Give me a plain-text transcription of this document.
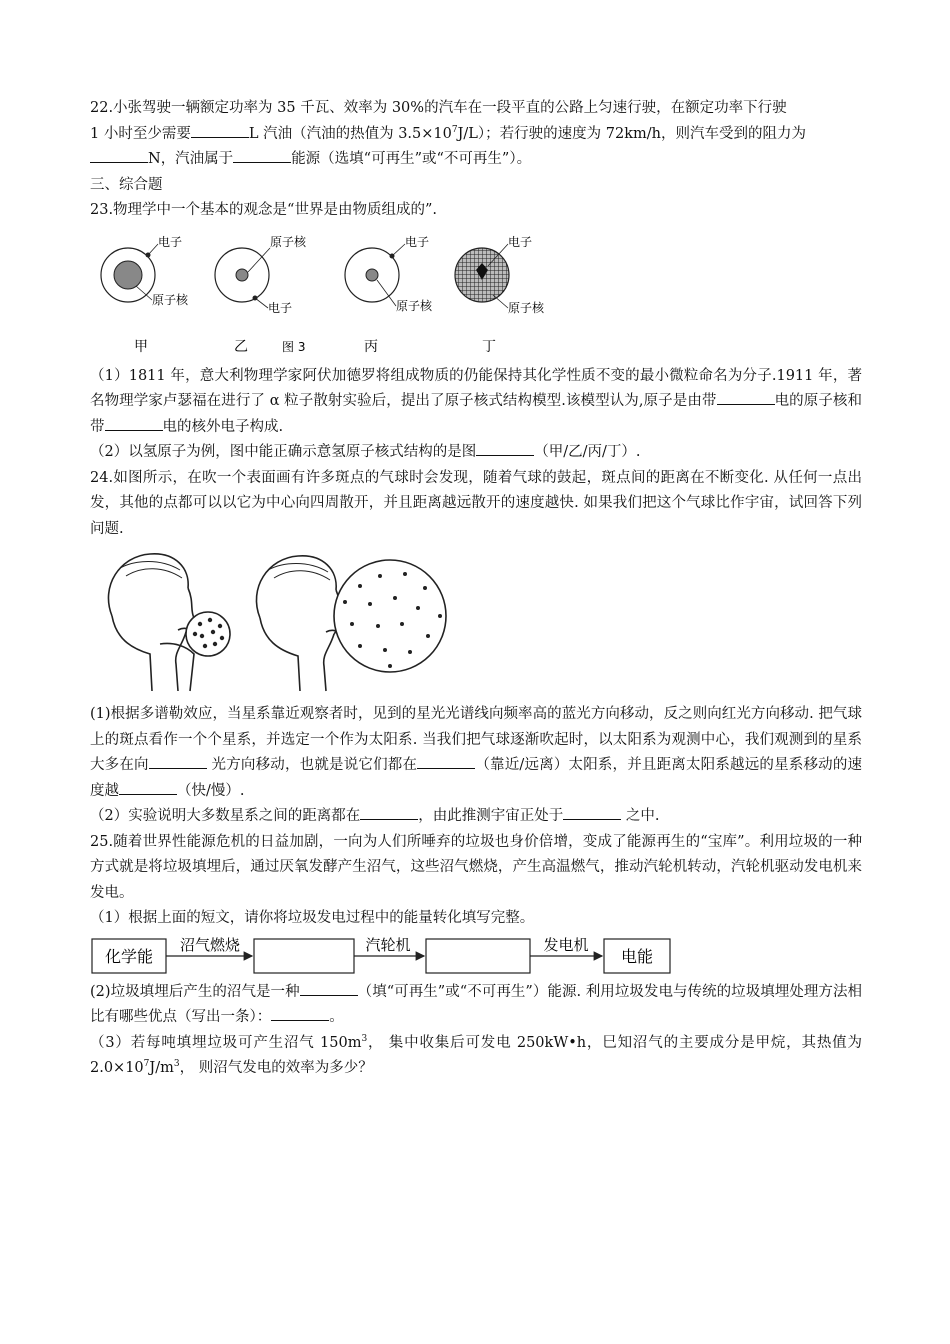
22.小张驾驶一辆额定功率为 35 千瓦、效率为 30%的汽车在一段平直的公路上匀速行驶，在额定功率下行驶
1 小时至少需要	L 汽油（汽油的热值为 $3.5\times 10^7J/L$）；若行驶的速度为 72km/h，则汽车受到的阻力为
N，汽油属于	能源（选填“可再生”或“不可再生”）。

三、综合题

23.物理学中一个基本的观念是“世界是由物质组成的”.

电子
原子核
甲
原子核
电子
乙	图 3
电子
原子核
丙
电子
原子核
丁

（1）1811 年，意大利物理学家阿伏加德罗将组成物质的仍能保持其化学性质不变的最小微粒命名为分子.1911 年，著名物理学家卢瑟福在进行了 α 粒子散射实验后，提出了原子核式结构模型.该模型认为,原子是由带	电的原子核和带	电的核外电子构成.

（2）以氢原子为例，图中能正确示意氢原子核式结构的是图	（甲/乙/丙/丁）.

24.如图所示，在吹一个表面画有许多斑点的气球时会发现，随着气球的鼓起，斑点间的距离在不断变化. 从任何一点出发，其他的点都可以以它为中心向四周散开，并且距离越远散开的速度越快. 如果我们把这个气球比作宇宙，试回答下列问题.

(1)根据多谱勒效应，当星系靠近观察者时，见到的星光光谱线向频率高的蓝光方向移动，反之则向红光方向移动. 把气球上的斑点看作一个个星系，并选定一个作为太阳系. 当我们把气球逐渐吹起时，以太阳系为观测中心，我们观测到的星系大多在向	光方向移动，也就是说它们都在	（靠近/远离）太阳系，并且距离太阳系越远的星系移动的速度越	（快/慢）.

（2）实验说明大多数星系之间的距离都在	，由此推测宇宙正处于	之中.

25.随着世界性能源危机的日益加剧，一向为人们所唾弃的垃圾也身价倍增，变成了能源再生的“宝库”。利用垃圾的一种方式就是将垃圾填埋后，通过厌氧发酵产生沼气，这些沼气燃烧，产生高温燃气，推动汽轮机转动，汽轮机驱动发电机来发电。

（1）根据上面的短文，请你将垃圾发电过程中的能量转化填写完整。

化学能
沼气燃烧	汽轮机	发电机
电能

(2)垃圾填埋后产生的沼气是一种	（填“可再生”或“不可再生”）能源. 利用垃圾发电与传统的垃圾填埋处理方法相比有哪些优点（写出一条）：	。

（3）若每吨填埋垃圾可产生沼气 $150m^3$， 集中收集后可发电 250kW•h，巳知沼气的主要成分是甲烷，其热值为 $2.0\times 10^7J/m^3$， 则沼气发电的效率为多少？
